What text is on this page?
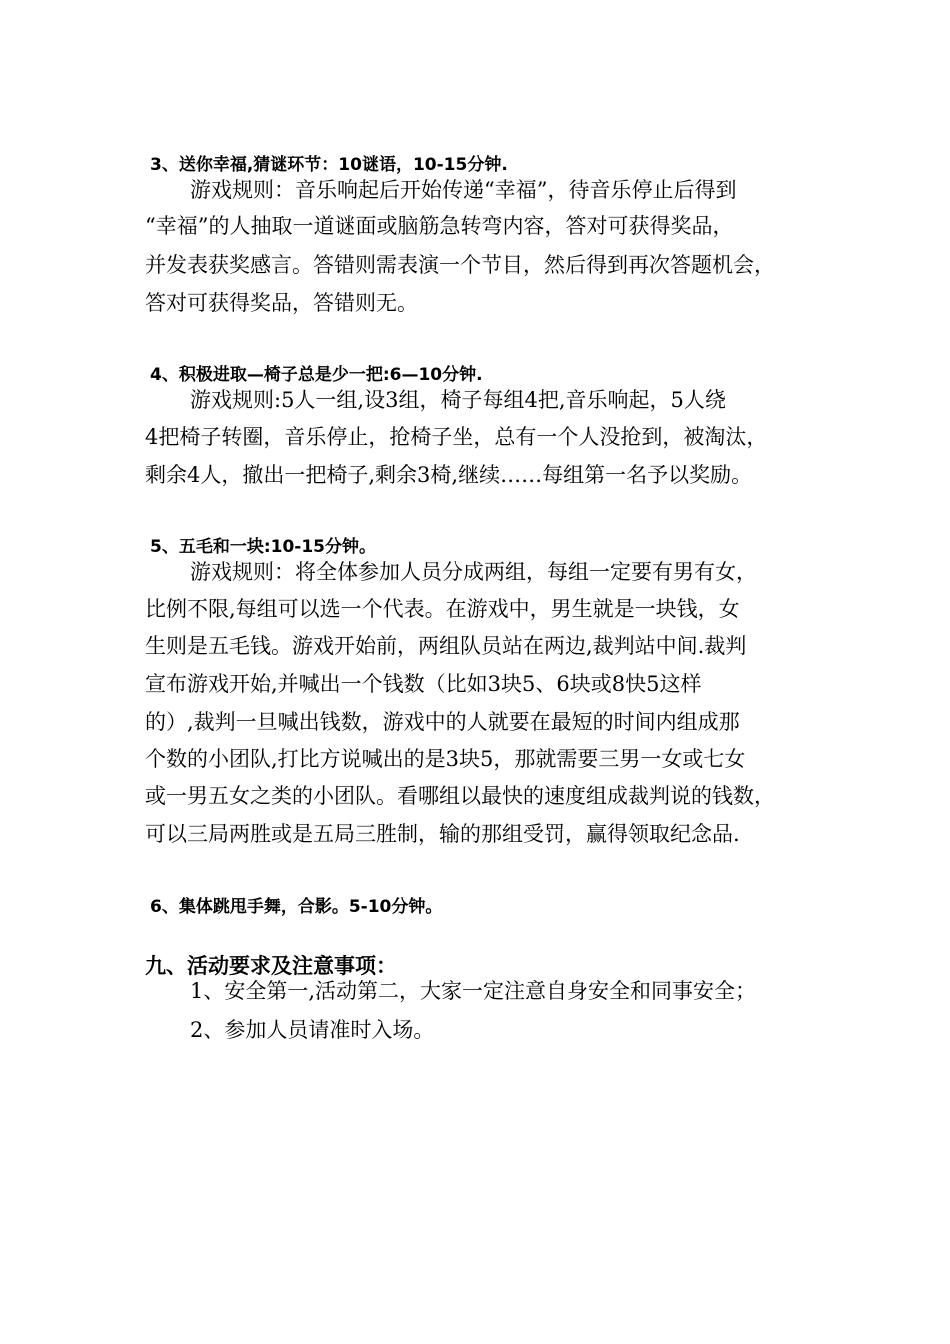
3、送你幸福,猜谜环节：10谜语，10-15分钟.
游戏规则：音乐响起后开始传递“幸福”，待音乐停止后得到
“幸福”的人抽取一道谜面或脑筋急转弯内容，答对可获得奖品，
并发表获奖感言。答错则需表演一个节目，然后得到再次答题机会，
答对可获得奖品，答错则无。
4、积极进取—椅子总是少一把:6—10分钟.
游戏规则:5人一组,设3组，椅子每组4把,音乐响起，5人绕
4把椅子转圈，音乐停止，抢椅子坐，总有一个人没抢到，被淘汰，
剩余4人，撤出一把椅子,剩余3椅,继续……每组第一名予以奖励。
5、五毛和一块:10-15分钟。
游戏规则：将全体参加人员分成两组，每组一定要有男有女，
比例不限,每组可以选一个代表。在游戏中，男生就是一块钱，女
生则是五毛钱。游戏开始前，两组队员站在两边,裁判站中间.裁判
宣布游戏开始,并喊出一个钱数（比如3块5、6块或8快5这样
的）,裁判一旦喊出钱数，游戏中的人就要在最短的时间内组成那
个数的小团队,打比方说喊出的是3块5，那就需要三男一女或七女
或一男五女之类的小团队。看哪组以最快的速度组成裁判说的钱数，
可以三局两胜或是五局三胜制，输的那组受罚，赢得领取纪念品.
6、集体跳甩手舞，合影。5-10分钟。
九、活动要求及注意事项：
1、安全第一,活动第二，大家一定注意自身安全和同事安全；
2、参加人员请准时入场。
